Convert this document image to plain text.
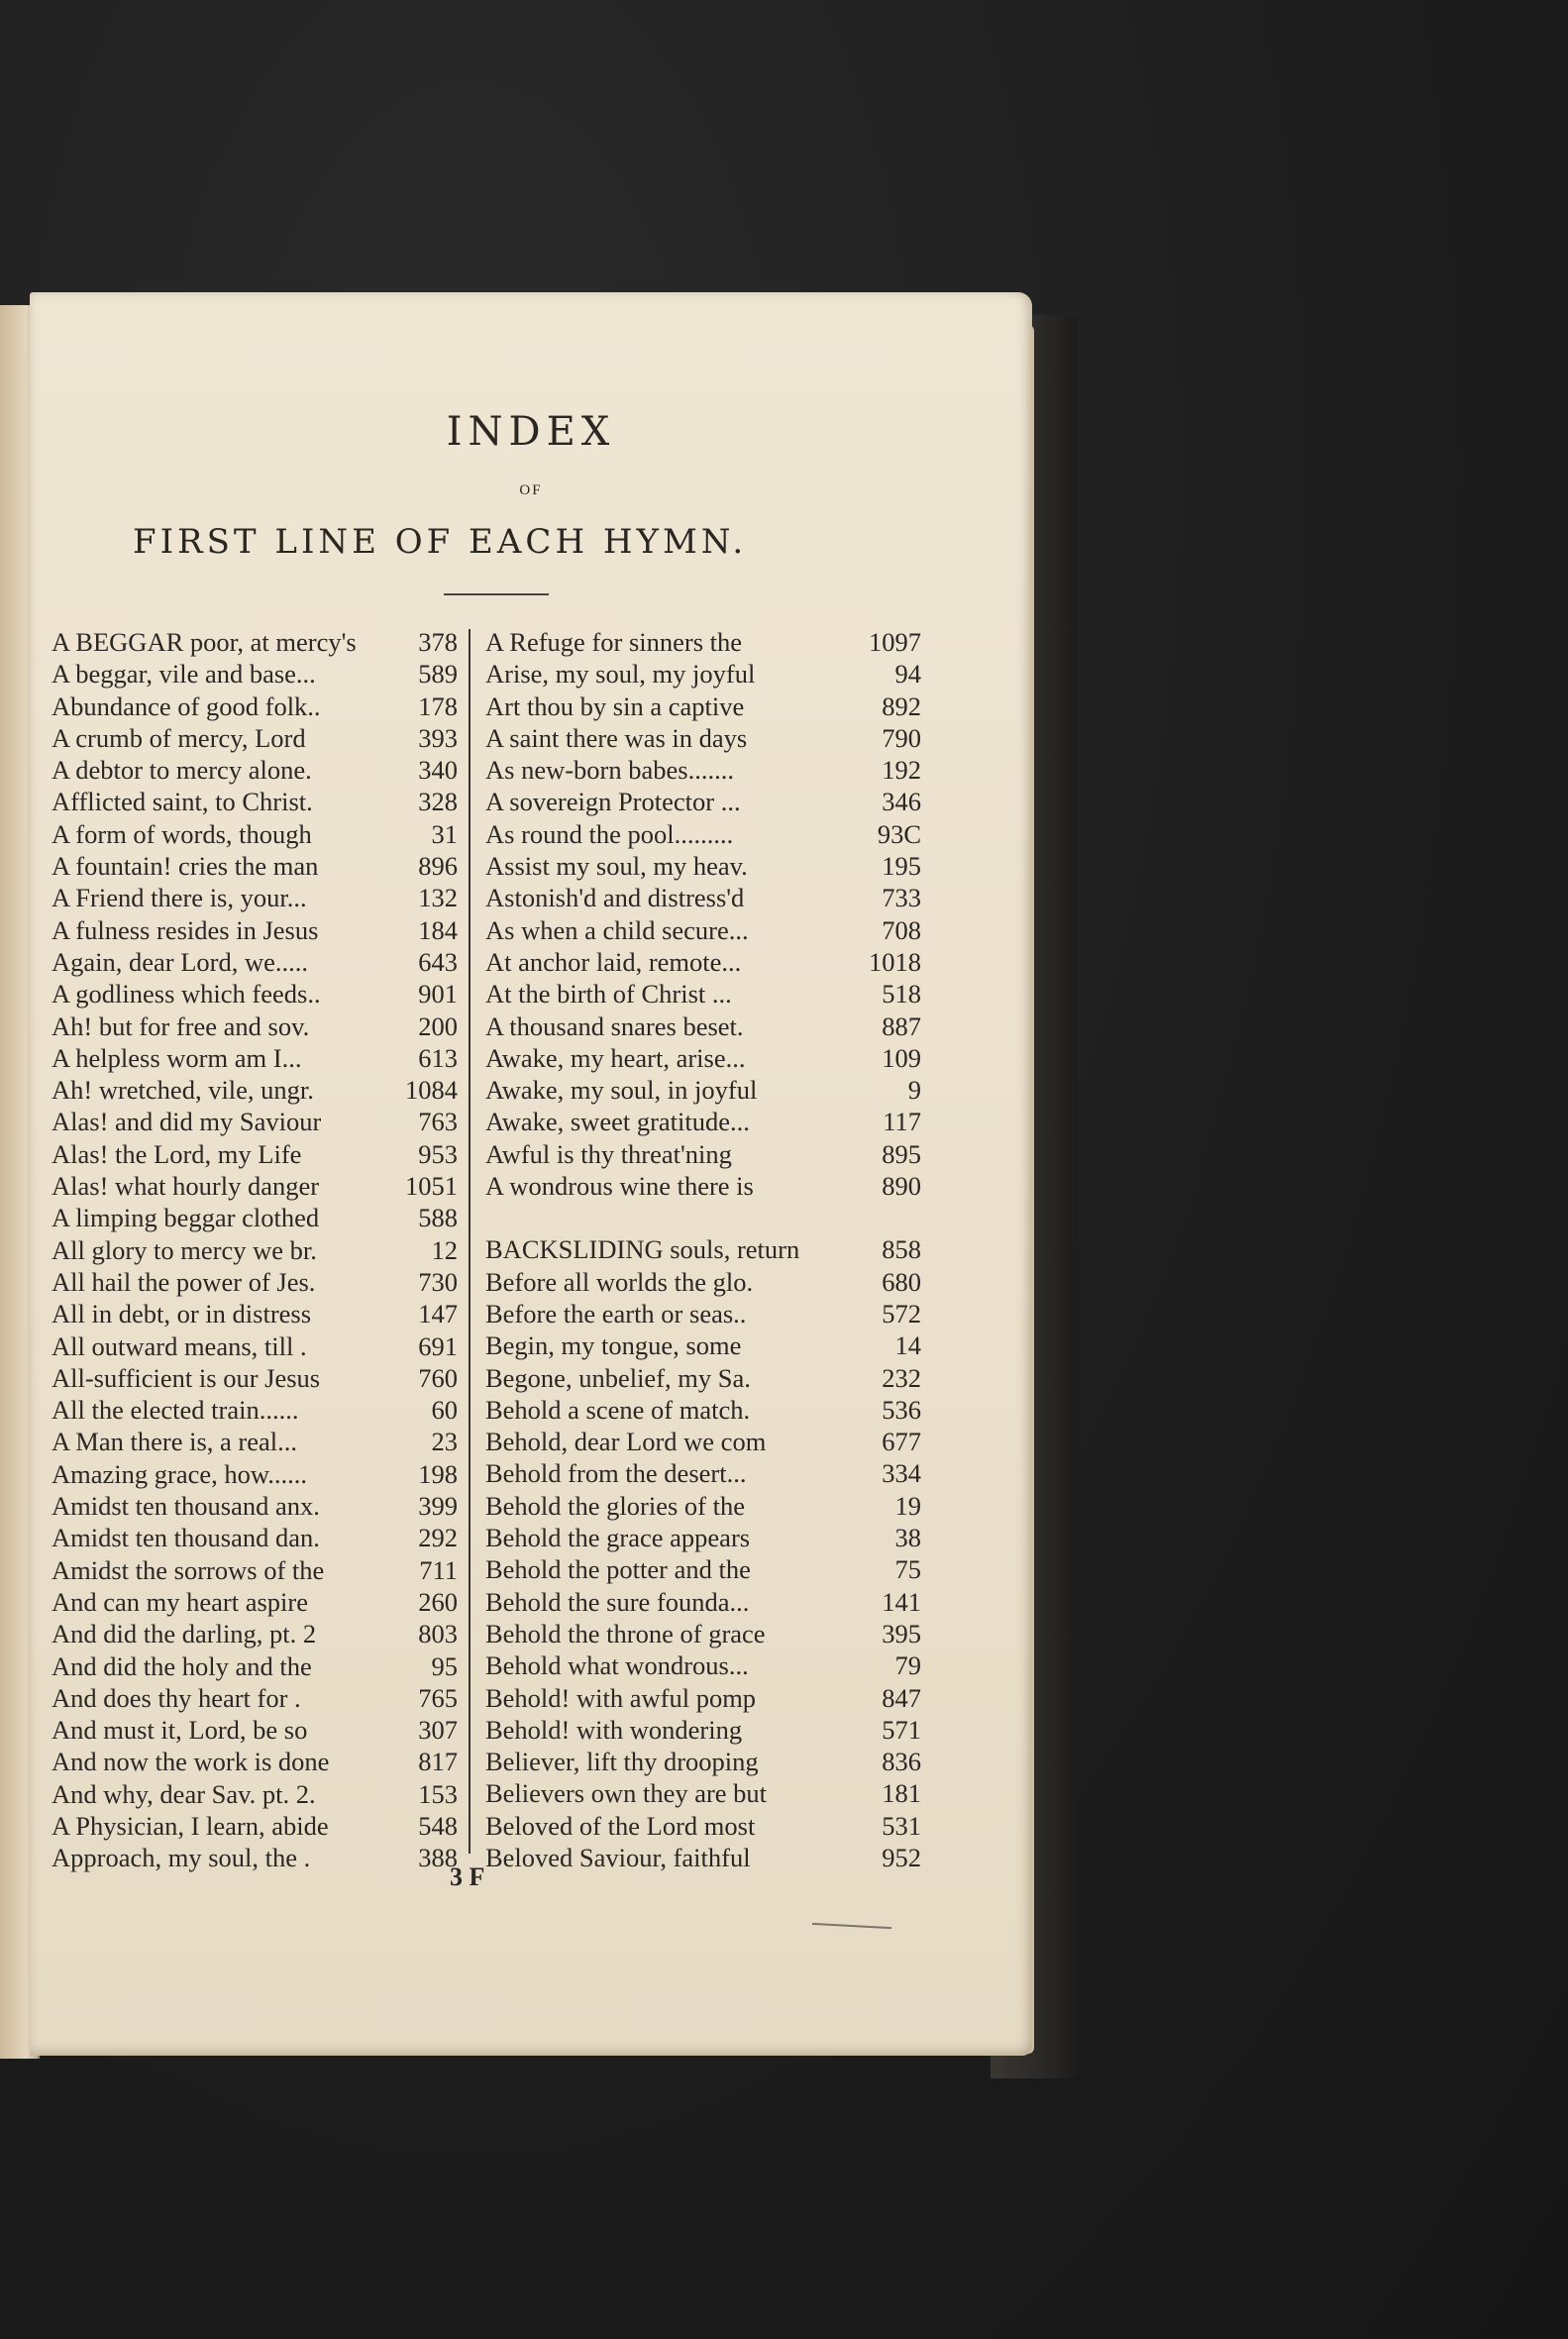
INDEX
OF
FIRST LINE OF EACH HYMN.
A BEGGAR poor, at mercy's 378
A beggar, vile and base...	589
Abundance of good folk..	178
A crumb of mercy, Lord	393
A debtor to mercy alone.	340
Afflicted saint, to Christ.	328
A form of words, though	31
A fountain! cries the man	896
A Friend there is, your...	132
A fulness resides in Jesus	184
Again, dear Lord, we.....	643
A godliness which feeds..	901
Ah! but for free and sov.	200
A helpless worm am I...	613
Ah! wretched, vile, ungr.	1084
Alas! and did my Saviour	763
Alas! the Lord, my Life	953
Alas! what hourly danger	1051
A limping beggar clothed	588
All glory to mercy we br.	12
All hail the power of Jes.	730
All in debt, or in distress	147
All outward means, till .	691
All-sufficient is our Jesus	760
All the elected train......	60
A Man there is, a real...	23
Amazing grace, how......	198
Amidst ten thousand anx.	399
Amidst ten thousand dan.	292
Amidst the sorrows of the	711
And can my heart aspire	260
And did the darling, pt. 2	803
And did the holy and the	95
And does thy heart for .	765
And must it, Lord, be so	307
And now the work is done	817
And why, dear Sav. pt. 2.	153
A Physician, I learn, abide	548
Approach, my soul, the .	388
A Refuge for sinners the	1097
Arise, my soul, my joyful	94
Art thou by sin a captive	892
A saint there was in days	790
As new-born babes.......	192
A sovereign Protector ...	346
As round the pool.........	93C
Assist my soul, my heav.	195
Astonish'd and distress'd	733
As when a child secure...	708
At anchor laid, remote...	1018
At the birth of Christ ...	518
A thousand snares beset.	887
Awake, my heart, arise...	109
Awake, my soul, in joyful	9
Awake, sweet gratitude...	117
Awful is thy threat'ning	895
A wondrous wine there is	890
BACKSLIDING souls, return	858
Before all worlds the glo.	680
Before the earth or seas..	572
Begin, my tongue, some	14
Begone, unbelief, my Sa.	232
Behold a scene of match.	536
Behold, dear Lord we com	677
Behold from the desert...	334
Behold the glories of the	19
Behold the grace appears	38
Behold the potter and the	75
Behold the sure founda...	141
Behold the throne of grace	395
Behold what wondrous...	79
Behold! with awful pomp	847
Behold! with wondering	571
Believer, lift thy drooping	836
Believers own they are but	181
Beloved of the Lord most	531
Beloved Saviour, faithful	952
3 F
